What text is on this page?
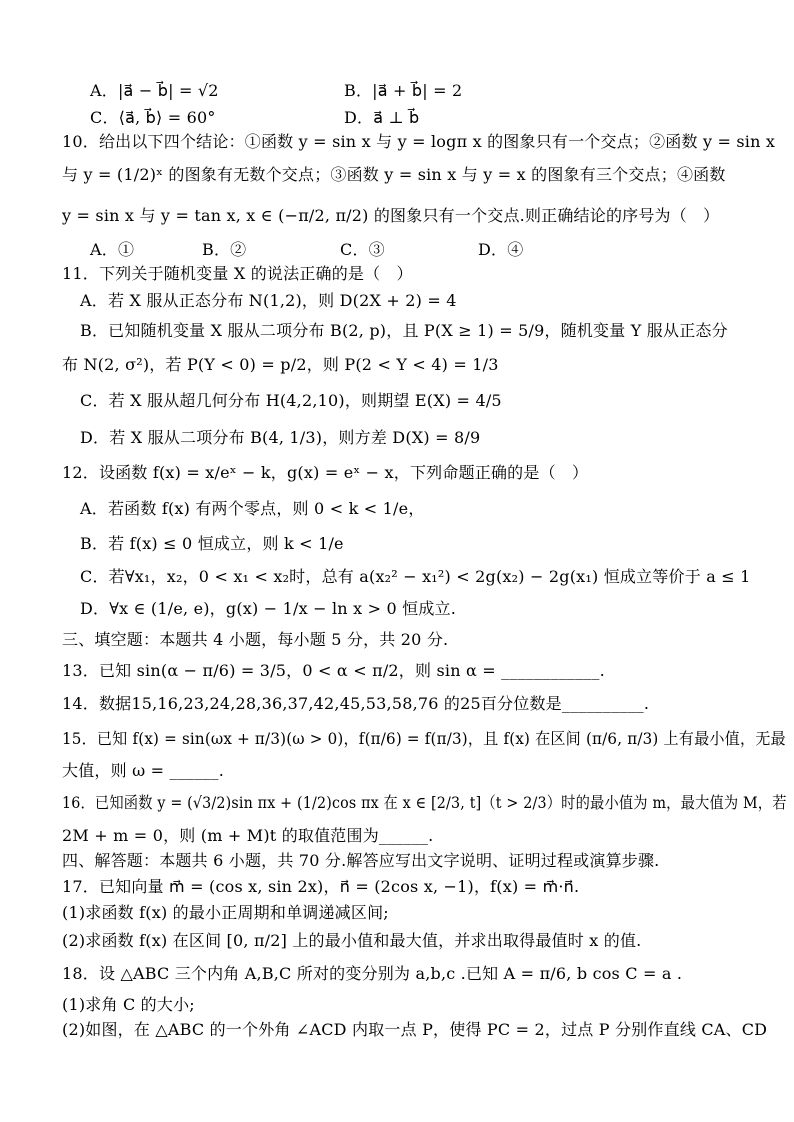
A．|a⃗ − b⃗| = √2	B．|a⃗ + b⃗| = 2
C．⟨a⃗, b⃗⟩ = 60°	D．a⃗ ⊥ b⃗
10．给出以下四个结论：①函数 y = sin x 与 y = logπ x 的图象只有一个交点；②函数 y = sin x
与 y = (1/2)ˣ 的图象有无数个交点；③函数 y = sin x 与 y = x 的图象有三个交点；④函数
y = sin x 与 y = tan x, x ∈ (−π/2, π/2) 的图象只有一个交点.则正确结论的序号为（　）
A．①	B．②	C．③	D．④
11．下列关于随机变量 X 的说法正确的是（　）
A．若 X 服从正态分布 N(1,2)，则 D(2X + 2) = 4
B．已知随机变量 X 服从二项分布 B(2, p)，且 P(X ≥ 1) = 5/9，随机变量 Y 服从正态分
布 N(2, σ²)，若 P(Y < 0) = p/2，则 P(2 < Y < 4) = 1/3
C．若 X 服从超几何分布 H(4,2,10)，则期望 E(X) = 4/5
D．若 X 服从二项分布 B(4, 1/3)，则方差 D(X) = 8/9
12．设函数 f(x) = x/eˣ − k，g(x) = eˣ − x，下列命题正确的是（　）
A．若函数 f(x) 有两个零点，则 0 < k < 1/e，
B．若 f(x) ≤ 0 恒成立，则 k < 1/e
C．若∀x₁，x₂，0 < x₁ < x₂时，总有 a(x₂² − x₁²) < 2g(x₂) − 2g(x₁) 恒成立等价于 a ≤ 1
D．∀x ∈ (1/e, e)，g(x) − 1/x − ln x > 0 恒成立.
三、填空题：本题共 4 小题，每小题 5 分，共 20 分.
13．已知 sin(α − π/6) = 3/5，0 < α < π/2，则 sin α = ____________.
14．数据15,16,23,24,28,36,37,42,45,53,58,76 的25百分位数是__________.
15．已知 f(x) = sin(ωx + π/3)(ω > 0)，f(π/6) = f(π/3)，且 f(x) 在区间 (π/6, π/3) 上有最小值，无最
大值，则 ω = ______.
16．已知函数 y = (√3/2)sin πx + (1/2)cos πx 在 x ∈ [2/3, t]（t > 2/3）时的最小值为 m，最大值为 M，若
2M + m = 0，则 (m + M)t 的取值范围为______.
四、解答题：本题共 6 小题，共 70 分.解答应写出文字说明、证明过程或演算步骤.
17．已知向量 m⃗ = (cos x, sin 2x)，n⃗ = (2cos x, −1)，f(x) = m⃗·n⃗.
(1)求函数 f(x) 的最小正周期和单调递减区间;
(2)求函数 f(x) 在区间 [0, π/2] 上的最小值和最大值，并求出取得最值时 x 的值.
18．设 △ABC 三个内角 A,B,C 所对的变分别为 a,b,c .已知 A = π/6, b cos C = a .
(1)求角 C 的大小;
(2)如图，在 △ABC 的一个外角 ∠ACD 内取一点 P，使得 PC = 2，过点 P 分别作直线 CA、CD
